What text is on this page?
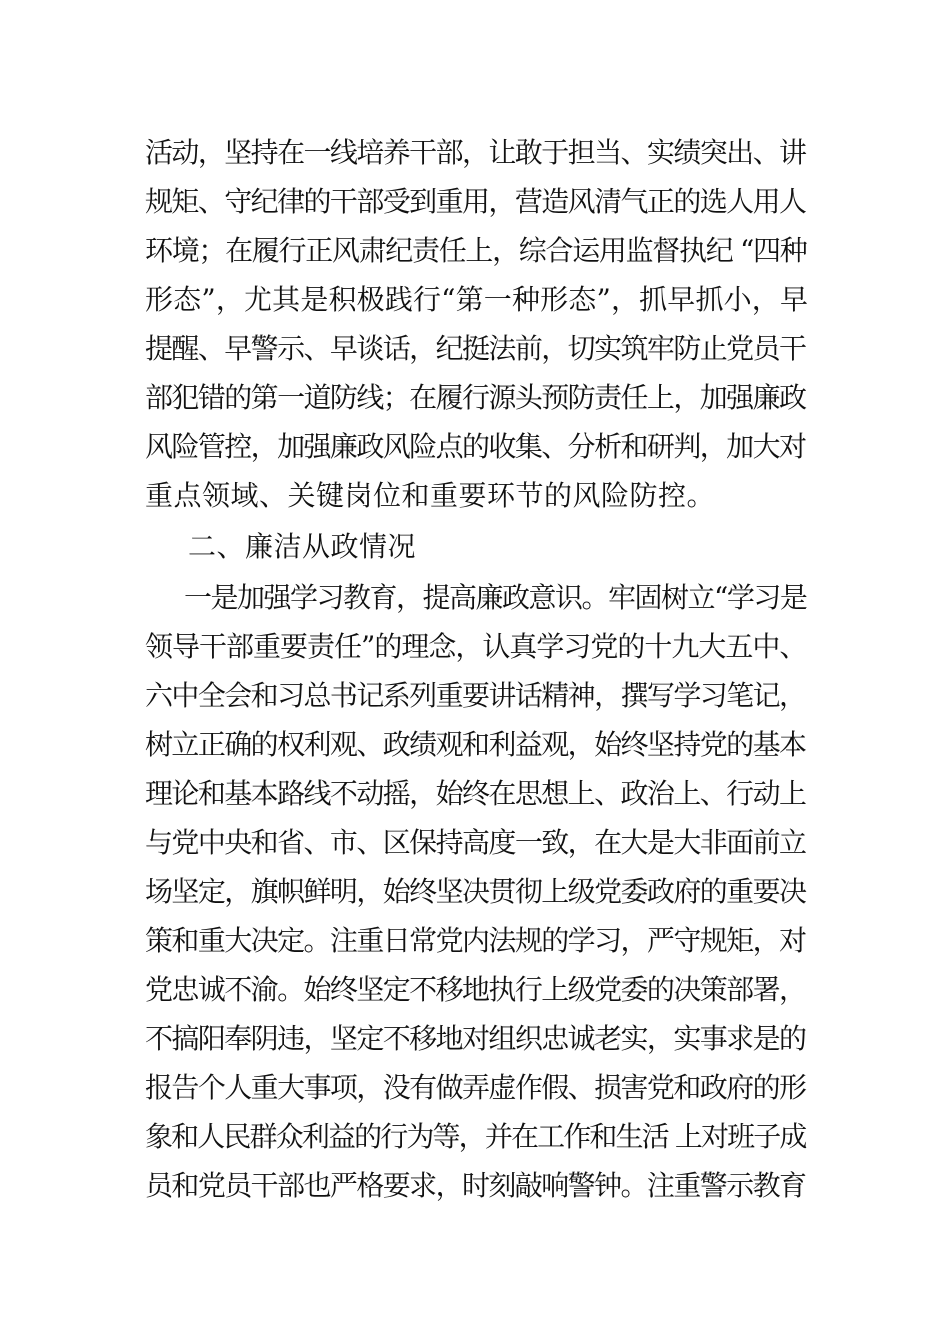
活动，坚持在一线培养干部，让敢于担当、实绩突出、讲
规矩、守纪律的干部受到重用，营造风清气正的选人用人
环境；在履行正风肃纪责任上，综合运用监督执纪 “四种
形态”，尤其是积极践行“第一种形态”，抓早抓小，早
提醒、早警示、早谈话，纪挺法前，切实筑牢防止党员干
部犯错的第一道防线；在履行源头预防责任上，加强廉政
风险管控，加强廉政风险点的收集、分析和研判，加大对
重点领域、关键岗位和重要环节的风险防控。
二、廉洁从政情况
一是加强学习教育，提高廉政意识。牢固树立“学习是
领导干部重要责任”的理念，认真学习党的十九大五中、
六中全会和习总书记系列重要讲话精神，撰写学习笔记，
树立正确的权利观、政绩观和利益观，始终坚持党的基本
理论和基本路线不动摇，始终在思想上、政治上、行动上
与党中央和省、市、区保持高度一致，在大是大非面前立
场坚定，旗帜鲜明，始终坚决贯彻上级党委政府的重要决
策和重大决定。注重日常党内法规的学习，严守规矩，对
党忠诚不渝。始终坚定不移地执行上级党委的决策部署，
不搞阳奉阴违，坚定不移地对组织忠诚老实，实事求是的
报告个人重大事项，没有做弄虚作假、损害党和政府的形
象和人民群众利益的行为等，并在工作和生活 上对班子成
员和党员干部也严格要求，时刻敲响警钟。注重警示教育
